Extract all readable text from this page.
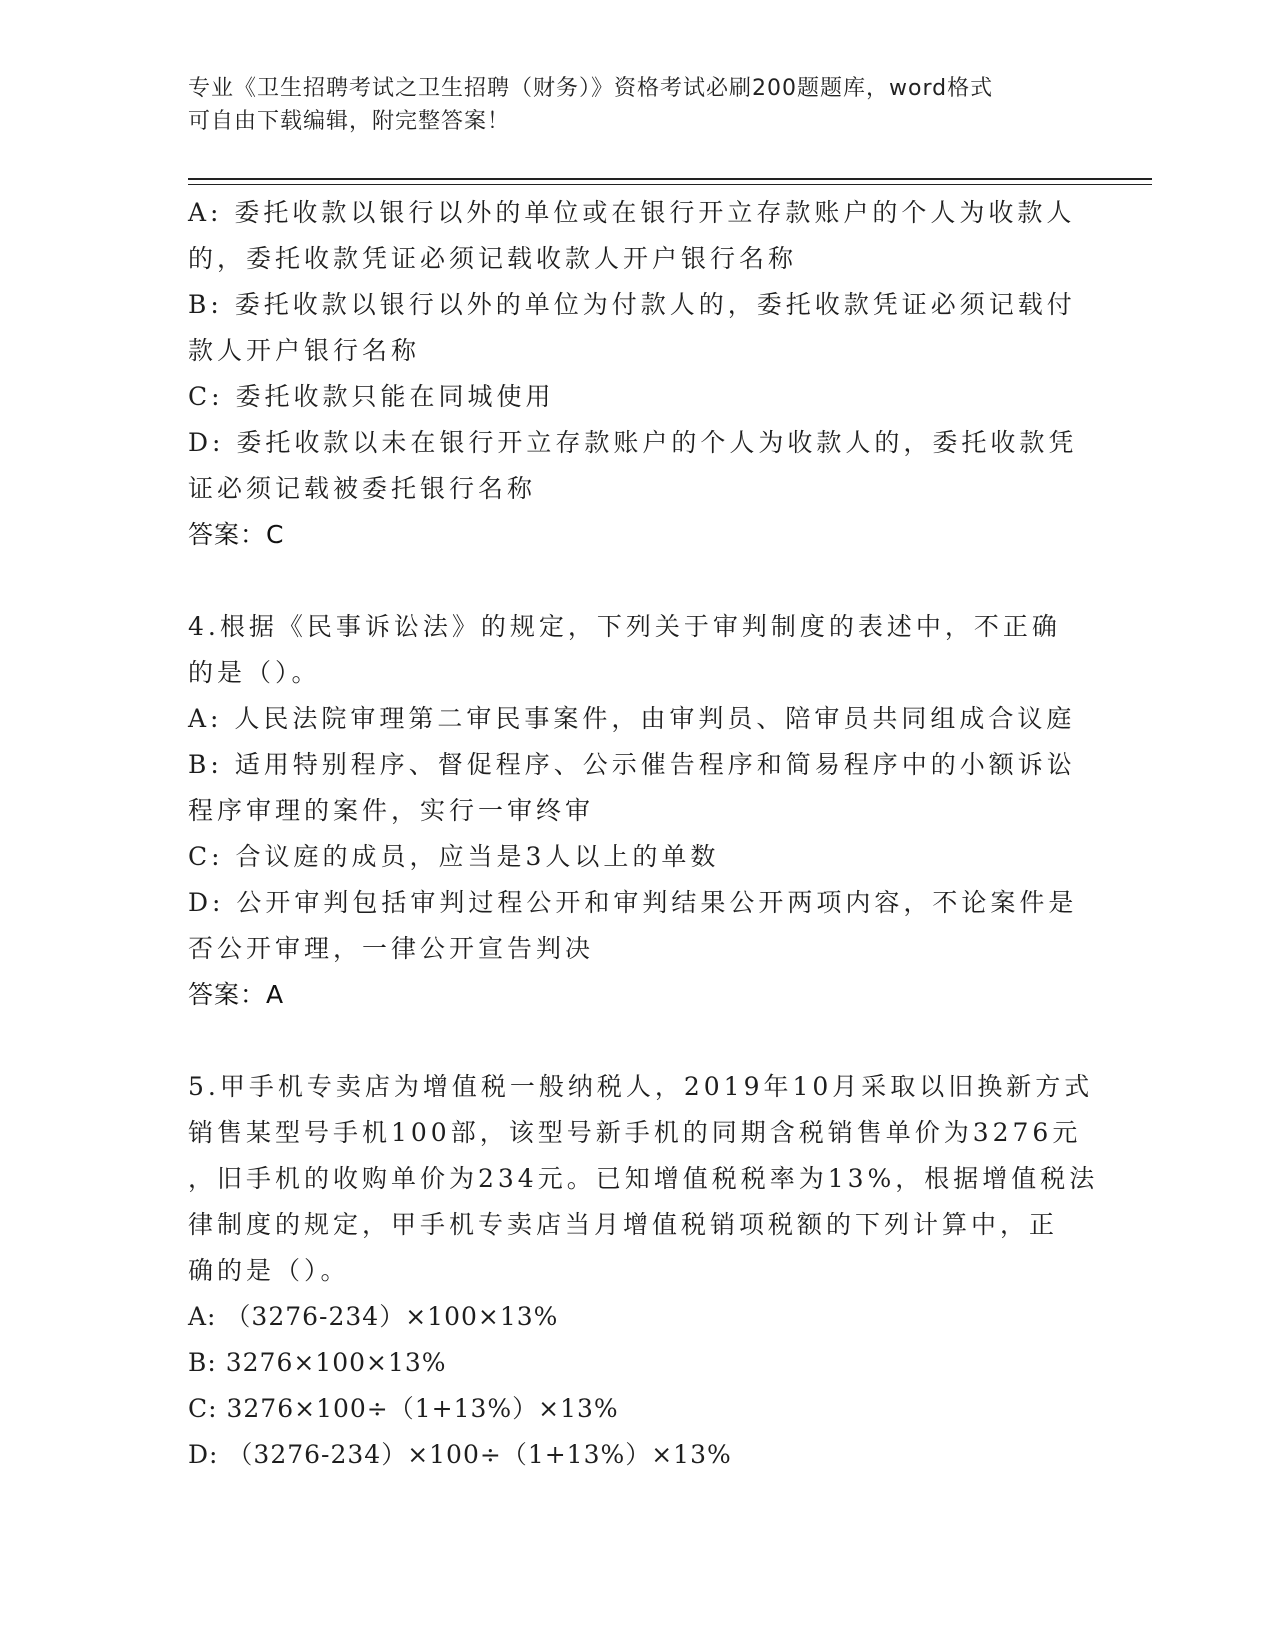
专业《卫生招聘考试之卫生招聘（财务）》资格考试必刷200题题库，word格式
可自由下载编辑，附完整答案！
A: 委托收款以银行以外的单位或在银行开立存款账户的个人为收款人
的，委托收款凭证必须记载收款人开户银行名称
B: 委托收款以银行以外的单位为付款人的，委托收款凭证必须记载付
款人开户银行名称
C: 委托收款只能在同城使用
D: 委托收款以未在银行开立存款账户的个人为收款人的，委托收款凭
证必须记载被委托银行名称
答案：C
4.根据《民事诉讼法》的规定，下列关于审判制度的表述中，不正确
的是（）。
A: 人民法院审理第二审民事案件，由审判员、陪审员共同组成合议庭
B: 适用特别程序、督促程序、公示催告程序和简易程序中的小额诉讼
程序审理的案件，实行一审终审
C: 合议庭的成员，应当是3人以上的单数
D: 公开审判包括审判过程公开和审判结果公开两项内容，不论案件是
否公开审理，一律公开宣告判决
答案：A
5.甲手机专卖店为增值税一般纳税人，2019年10月采取以旧换新方式
销售某型号手机100部，该型号新手机的同期含税销售单价为3276元
，旧手机的收购单价为234元。已知增值税税率为13%，根据增值税法
律制度的规定，甲手机专卖店当月增值税销项税额的下列计算中，正
确的是（）。
A: （3276-234）×100×13%
B: 3276×100×13%
C: 3276×100÷（1+13%）×13%
D: （3276-234）×100÷（1+13%）×13%
